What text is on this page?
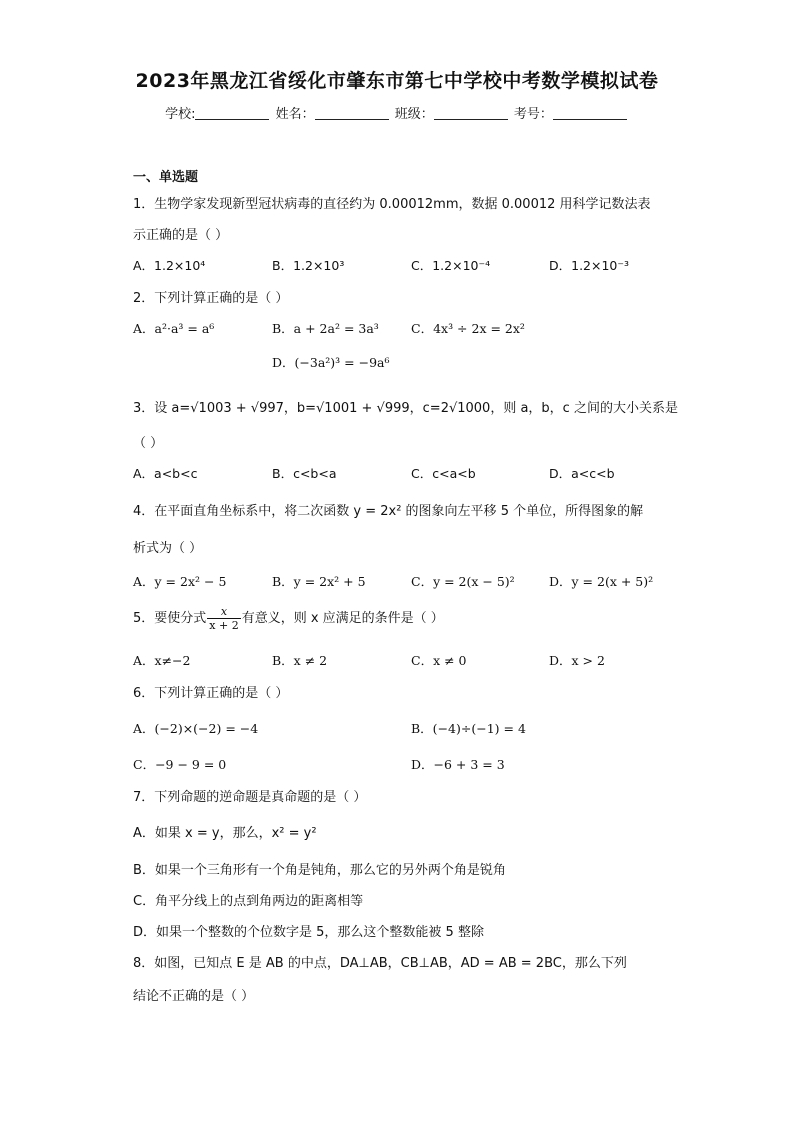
2023年黑龙江省绥化市肇东市第七中学校中考数学模拟试卷
学校:	姓名：	班级：	考号：
一、单选题
1．生物学家发现新型冠状病毒的直径约为 0.00012mm，数据 0.00012 用科学记数法表
示正确的是（ ）
A．1.2×10⁴	B．1.2×10³	C．1.2×10⁻⁴	D．1.2×10⁻³
2．下列计算正确的是（ ）
A．a²·a³ = a⁶	B．a + 2a² = 3a³	C．4x³ ÷ 2x = 2x²
D．(−3a²)³ = −9a⁶
3．设 a=√1003 + √997，b=√1001 + √999，c=2√1000，则 a，b，c 之间的大小关系是
（ ）
A．a<b<c	B．c<b<a	C．c<a<b	D．a<c<b
4．在平面直角坐标系中，将二次函数 y = 2x² 的图象向左平移 5 个单位，所得图象的解
析式为（ ）
A．y = 2x² − 5	B．y = 2x² + 5	C．y = 2(x − 5)²	D．y = 2(x + 5)²
5．要使分式 $\frac{x}{x + 2}$ 有意义，则 x 应满足的条件是（ ）
A．x≠−2	B．x ≠ 2	C．x ≠ 0	D．x > 2
6．下列计算正确的是（ ）
A．(−2)×(−2) = −4	B．(−4)÷(−1) = 4
C．−9 − 9 = 0	D．−6 + 3 = 3
7．下列命题的逆命题是真命题的是（ ）
A．如果 x = y，那么，x² = y²
B．如果一个三角形有一个角是钝角，那么它的另外两个角是锐角
C．角平分线上的点到角两边的距离相等
D．如果一个整数的个位数字是 5，那么这个整数能被 5 整除
8．如图，已知点 E 是 AB 的中点，DA⊥AB，CB⊥AB，AD = AB = 2BC，那么下列
结论不正确的是（ ）
